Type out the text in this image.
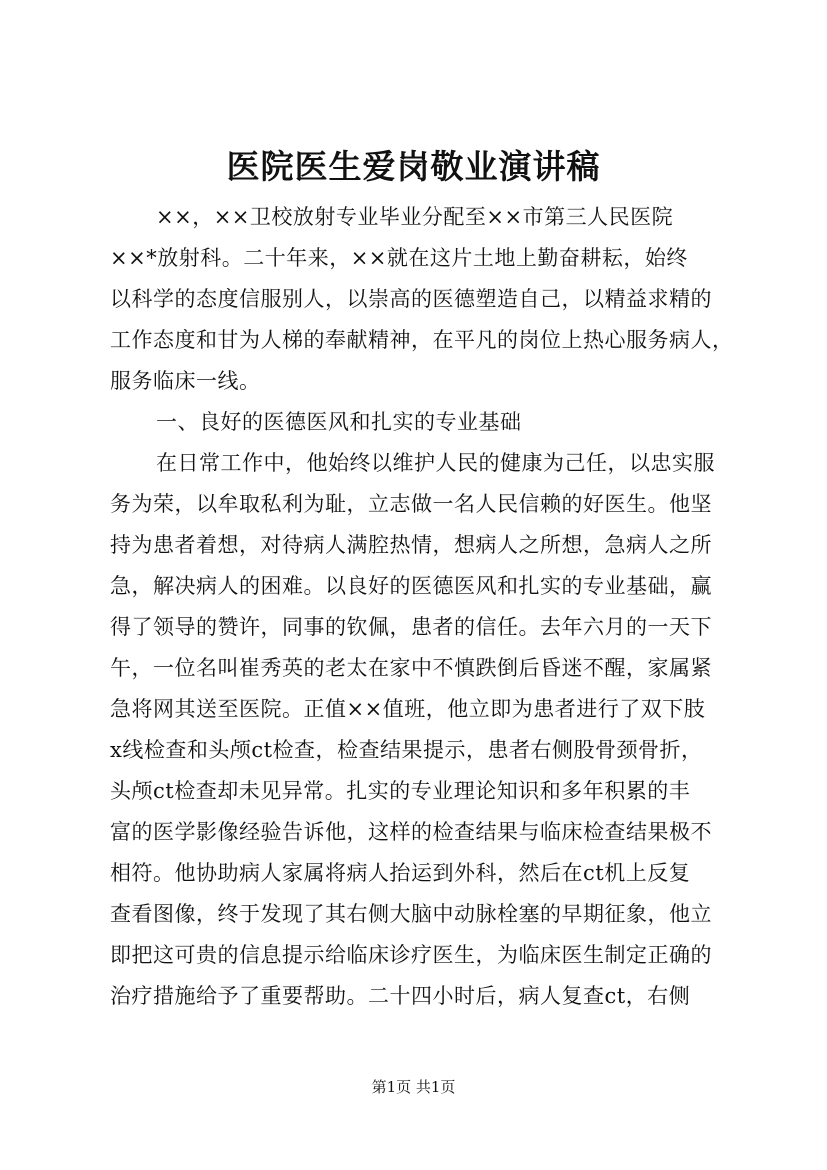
医院医生爱岗敬业演讲稿
××，××卫校放射专业毕业分配至××市第三人民医院
××*放射科。二十年来，××就在这片土地上勤奋耕耘，始终
以科学的态度信服别人，以崇高的医德塑造自己，以精益求精的
工作态度和甘为人梯的奉献精神，在平凡的岗位上热心服务病人，
服务临床一线。
一、良好的医德医风和扎实的专业基础
在日常工作中，他始终以维护人民的健康为己任，以忠实服
务为荣，以牟取私利为耻，立志做一名人民信赖的好医生。他坚
持为患者着想，对待病人满腔热情，想病人之所想，急病人之所
急，解决病人的困难。以良好的医德医风和扎实的专业基础，赢
得了领导的赞许，同事的钦佩，患者的信任。去年六月的一天下
午，一位名叫崔秀英的老太在家中不慎跌倒后昏迷不醒，家属紧
急将网其送至医院。正值××值班，他立即为患者进行了双下肢
x线检查和头颅ct检查，检查结果提示，患者右侧股骨颈骨折，
头颅ct检查却未见异常。扎实的专业理论知识和多年积累的丰
富的医学影像经验告诉他，这样的检查结果与临床检查结果极不
相符。他协助病人家属将病人抬运到外科，然后在ct机上反复
查看图像，终于发现了其右侧大脑中动脉栓塞的早期征象，他立
即把这可贵的信息提示给临床诊疗医生，为临床医生制定正确的
治疗措施给予了重要帮助。二十四小时后，病人复查ct，右侧
第1页 共1页
